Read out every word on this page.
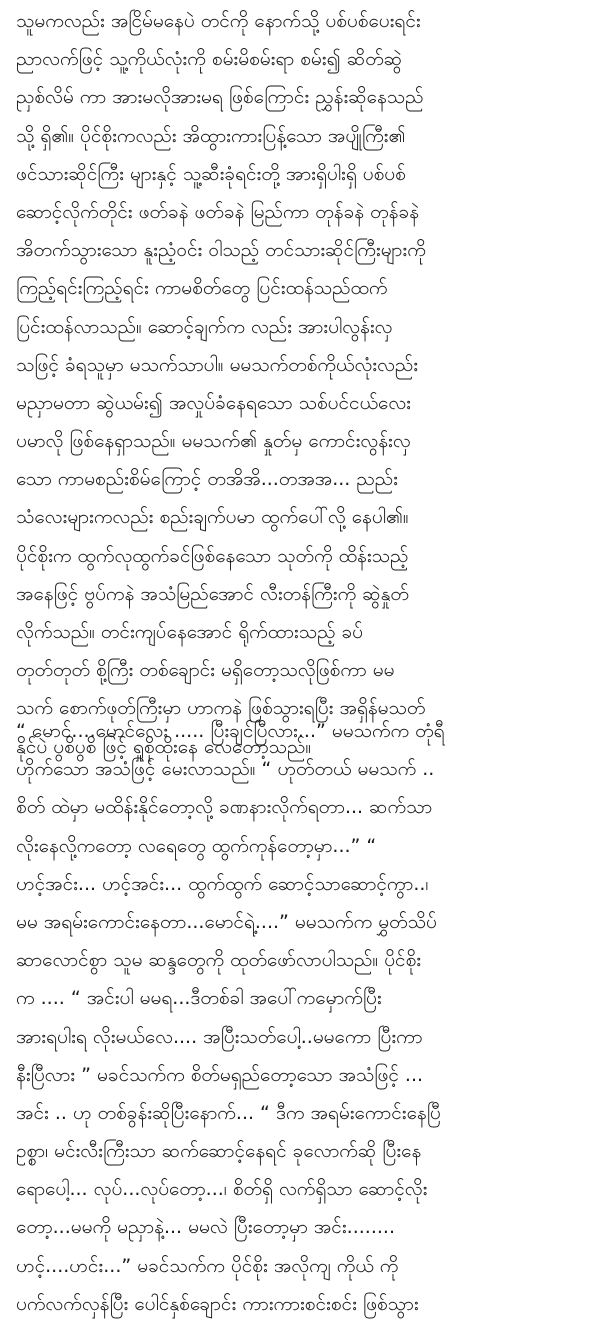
သူမကလည်း အငြိမ်မနေပဲ တင်ကို နောက်သို့ ပစ်ပစ်ပေးရင်း
ညာလက်ဖြင့် သူ့ကိုယ်လုံးကို စမ်းမိစမ်းရာ စမ်း၍ ဆိတ်ဆွဲ
ညှစ်လိမ် ကာ အားမလိုအားမရ ဖြစ်ကြောင်း ညွှန်းဆိုနေသည်
သို့ ရှိ၏။ ပိုင်စိုးကလည်း အိထွားကားပြန့်သော အပျိုကြီး၏
ဖင်သားဆိုင်ကြီး များနှင့် သူ့ဆီးခုံရင်းတို့ အားရှိပါးရှိ ပစ်ပစ်
ဆောင့်လိုက်တိုင်း ဖတ်ခနဲ ဖတ်ခနဲ မြည်ကာ တုန်ခနဲ တုန်ခနဲ
အိတက်သွားသော နူးညံ့ဝင်း ဝါသည့် တင်သားဆိုင်ကြီးများကို
ကြည့်ရင်းကြည့်ရင်း ကာမစိတ်တွေ ပြင်းထန်သည်ထက်
ပြင်းထန်လာသည်။ ဆောင့်ချက်က လည်း အားပါလွန်းလှ
သဖြင့် ခံရသူမှာ မသက်သာပါ။ မမသက်တစ်ကိုယ်လုံးလည်း
မညှာမတာ ဆွဲယမ်း၍ အလှုပ်ခံနေရသော သစ်ပင်ငယ်လေး
ပမာလို ဖြစ်နေရှာသည်။ မမသက်၏ နှုတ်မှ ကောင်းလွန်းလှ
သော ကာမစည်းစိမ်ကြောင့် တအိအိ...တအအ... ညည်း
သံလေးများကလည်း စည်းချက်ပမာ ထွက်ပေါ်လို့ နေပါ၏။
ပိုင်စိုးက ထွက်လုထွက်ခင်ဖြစ်နေသော သုတ်ကို ထိန်းသည့်
အနေဖြင့် ဗွပ်ကနဲ အသံမြည်အောင် လီးတန်ကြီးကို ဆွဲနှုတ်
လိုက်သည်။ တင်းကျပ်နေအောင် ရိုက်ထားသည့် ခပ်
တုတ်တုတ် စို့ကြီး တစ်ချောင်း မရှိတော့သလိုဖြစ်ကာ မမ
သက် စောက်ဖုတ်ကြီးမှာ ဟာကနဲ ဖြစ်သွားရပြီး အရှိန်မသတ်
နိုင်ပဲ ပွစိပွစိ ဖြင့် ရှုစိုထိုးနေ လေတော့သည်။
“ မောင်....မောင်လေး ..... ပြီးချင်ပြီလား...” မမသက်က တုံရီ
ဟိုက်သော အသံဖြင့် မေးလာသည်။ “ ဟုတ်တယ် မမသက် ..
စိတ် ထဲမှာ မထိန်းနိုင်တော့လို့ ခဏနားလိုက်ရတာ... ဆက်သာ
လိုးနေလို့ကတော့ လရေတွေ ထွက်ကုန်တော့မှာ...” “
ဟင့်အင်း... ဟင့်အင်း... ထွက်ထွက် ဆောင့်သာဆောင့်ကွာ..၊
မမ အရမ်းကောင်းနေတာ...မောင်ရဲ့....” မမသက်က မွှတ်သိပ်
ဆာလောင်စွာ သူမ ဆန္ဒတွေကို ထုတ်ဖော်လာပါသည်။ ပိုင်စိုး
က .... “ အင်းပါ မမရ...ဒီတစ်ခါ အပေါ်ကမှောက်ပြီး
အားရပါးရ လိုးမယ်လေ.... အပြီးသတ်ပေါ့..မမကော ပြီးကာ
နီးပြီလား ” မခင်သက်က စိတ်မရှည်တော့သော အသံဖြင့် ...
အင်း .. ဟု တစ်ခွန်းဆိုပြီးနောက်... “ ဒီက အရမ်းကောင်းနေပြီ
ဥစ္စာ၊ မင်းလီးကြီးသာ ဆက်ဆောင့်နေရင် ခုလောက်ဆို ပြီးနေ
ရောပေါ့... လုပ်...လုပ်တော့...၊ စိတ်ရှိ လက်ရှိသာ ဆောင့်လိုး
တော့...မမကို မညှာနဲ့... မမလဲ ပြီးတော့မှာ အင်း........
ဟင့်....ဟင်း...” မခင်သက်က ပိုင်စိုး အလိုကျ ကိုယ် ကို
ပက်လက်လှန်ပြီး ပေါင်နှစ်ချောင်း ကားကားစင်းစင်း ဖြစ်သွား
